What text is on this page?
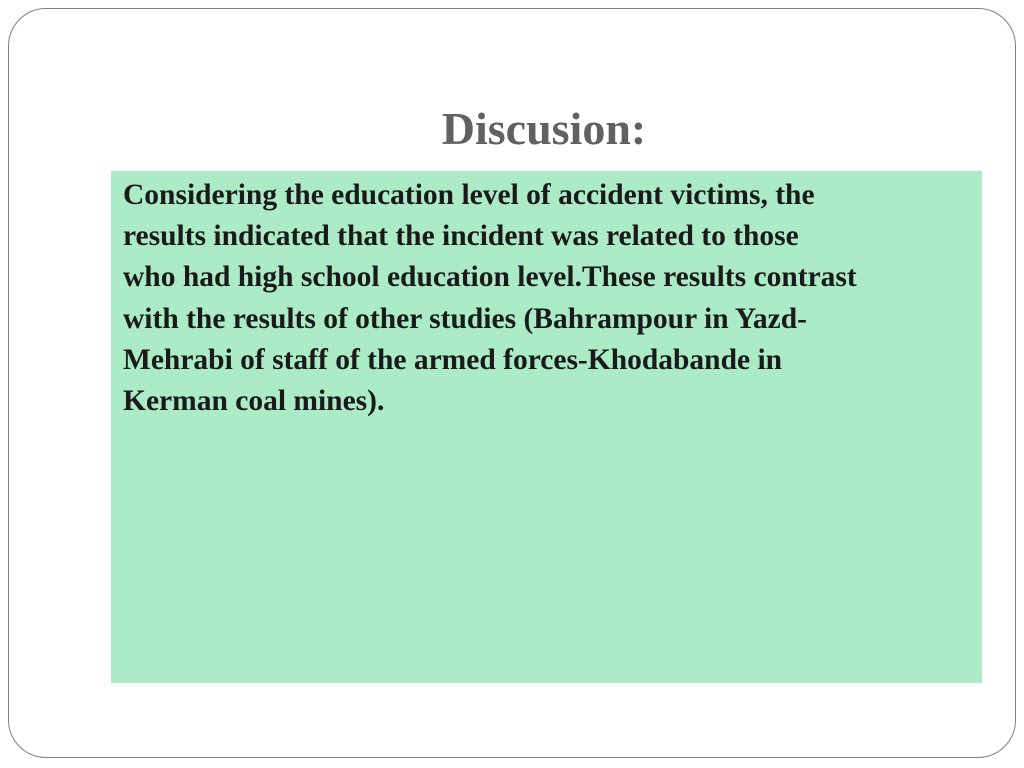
Discusion:

Considering the education level of accident victims, the
results indicated that the incident was related to those
who had high school education level.These results contrast
with the results of other studies (Bahrampour in Yazd-
Mehrabi of staff of the armed forces-Khodabande in
Kerman coal mines).
